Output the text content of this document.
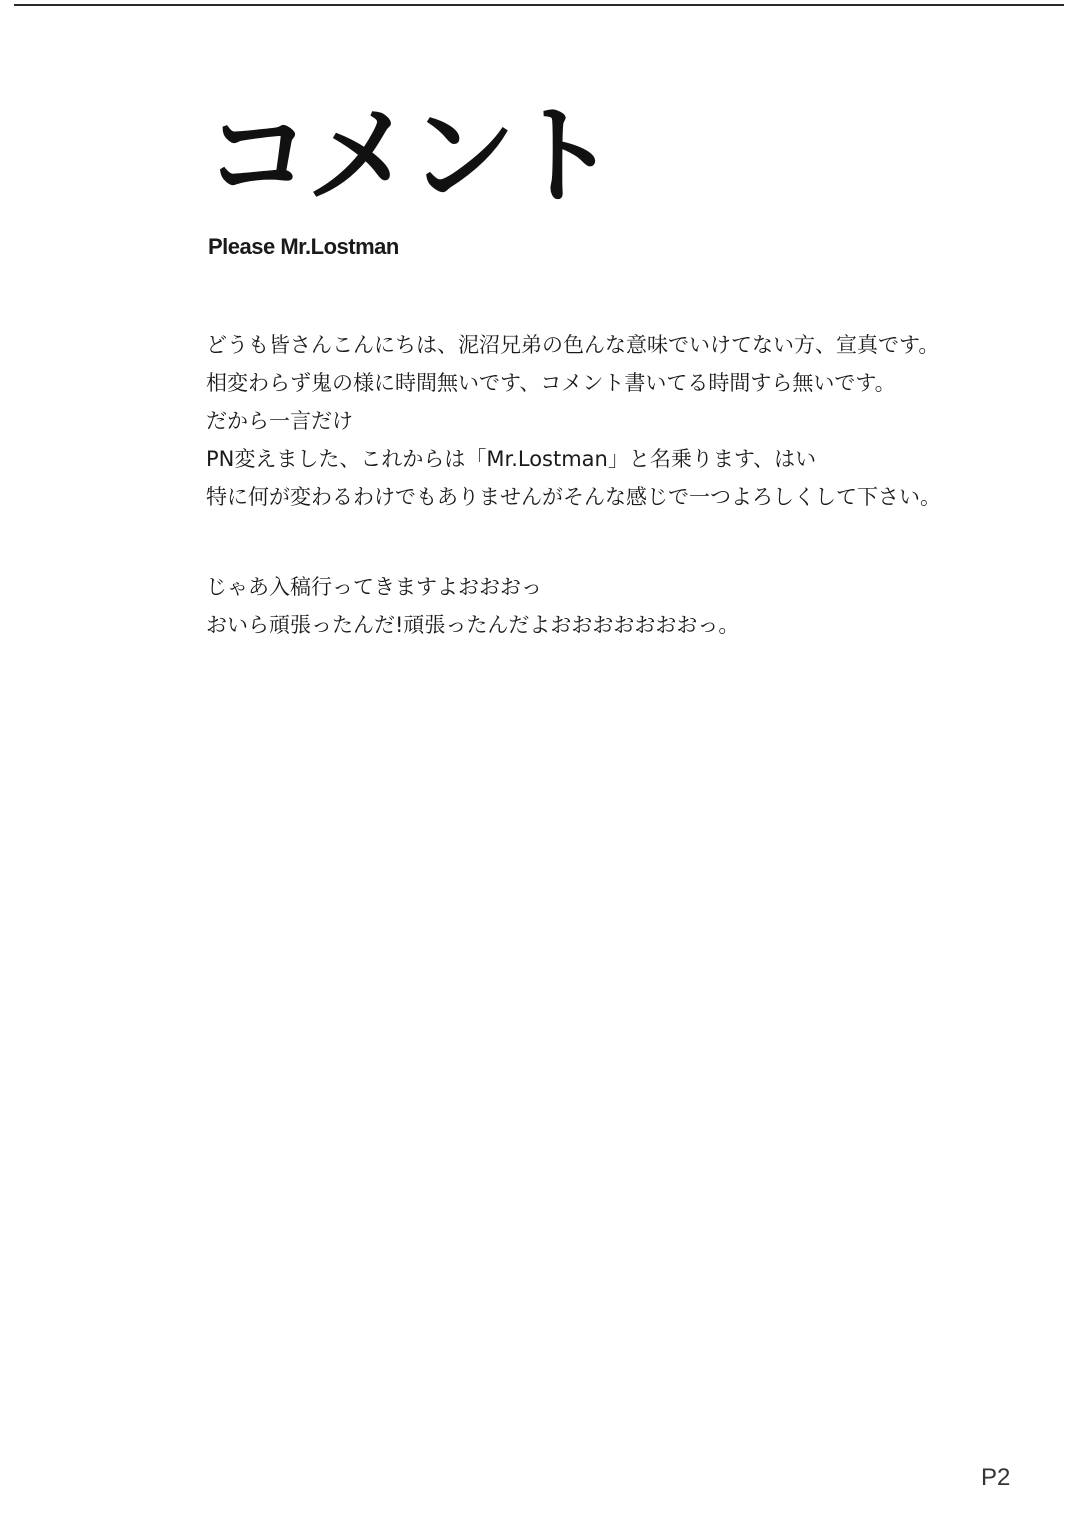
コメント
Please Mr.Lostman
どうも皆さんこんにちは、泥沼兄弟の色んな意味でいけてない方、宣真です。
相変わらず鬼の様に時間無いです、コメント書いてる時間すら無いです。
だから一言だけ
PN変えました、これからは「Mr.Lostman」と名乗ります、はい
特に何が変わるわけでもありませんがそんな感じで一つよろしくして下さい。
じゃあ入稿行ってきますよおおおっ
おいら頑張ったんだ!頑張ったんだよおおおおおおおっ。
P2
